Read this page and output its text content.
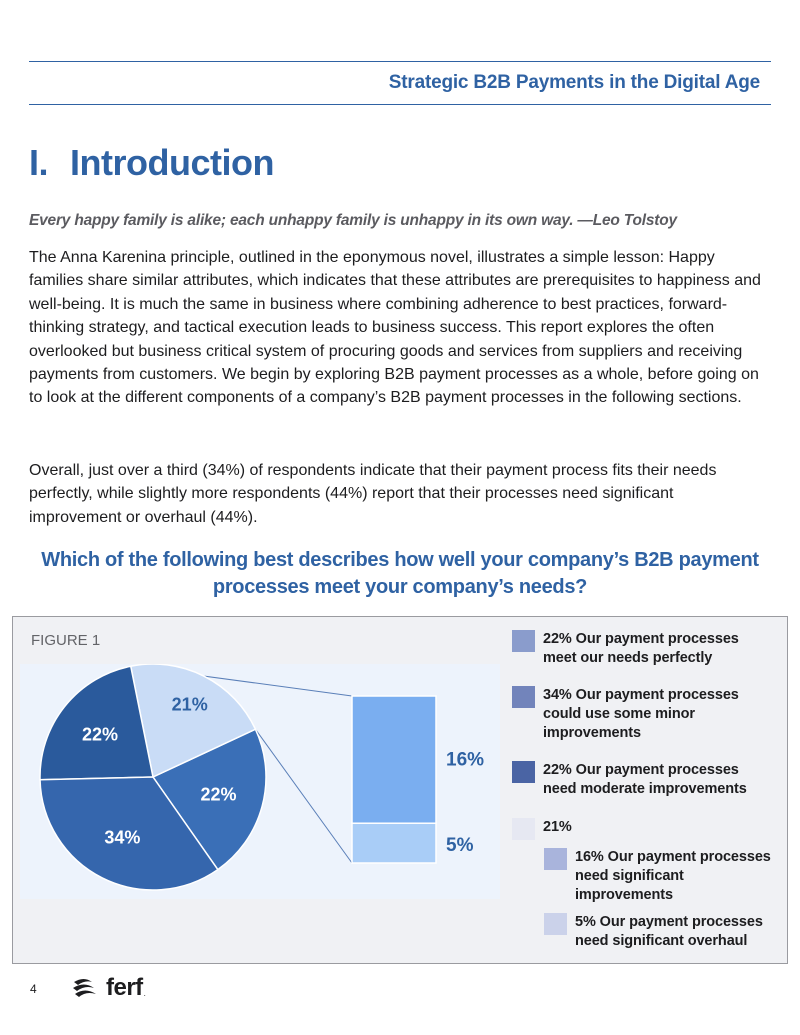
Strategic B2B Payments in the Digital Age
I. Introduction
Every happy family is alike; each unhappy family is unhappy in its own way. —Leo Tolstoy

The Anna Karenina principle, outlined in the eponymous novel, illustrates a simple lesson: Happy families share similar attributes, which indicates that these attributes are prerequisites to happiness and well-being. It is much the same in business where combining adherence to best practices, forward-thinking strategy, and tactical execution leads to business success. This report explores the often overlooked but business critical system of procuring goods and services from suppliers and receiving payments from customers. We begin by exploring B2B payment processes as a whole, before going on to look at the different components of a company’s B2B payment processes in the following sections.

Overall, just over a third (34%) of respondents indicate that their payment process fits their needs perfectly, while slightly more respondents (44%) report that their processes need significant improvement or overhaul (44%).

Which of the following best describes how well your company’s B2B payment processes meet your company’s needs?
FIGURE 1
22%
21%
22%
34%
16%
5%
22% Our payment processes meet our needs perfectly
34% Our payment processes could use some minor improvements
22% Our payment processes need moderate improvements
21%
16% Our payment processes need significant improvements
5% Our payment processes need significant overhaul
4	ferf .
